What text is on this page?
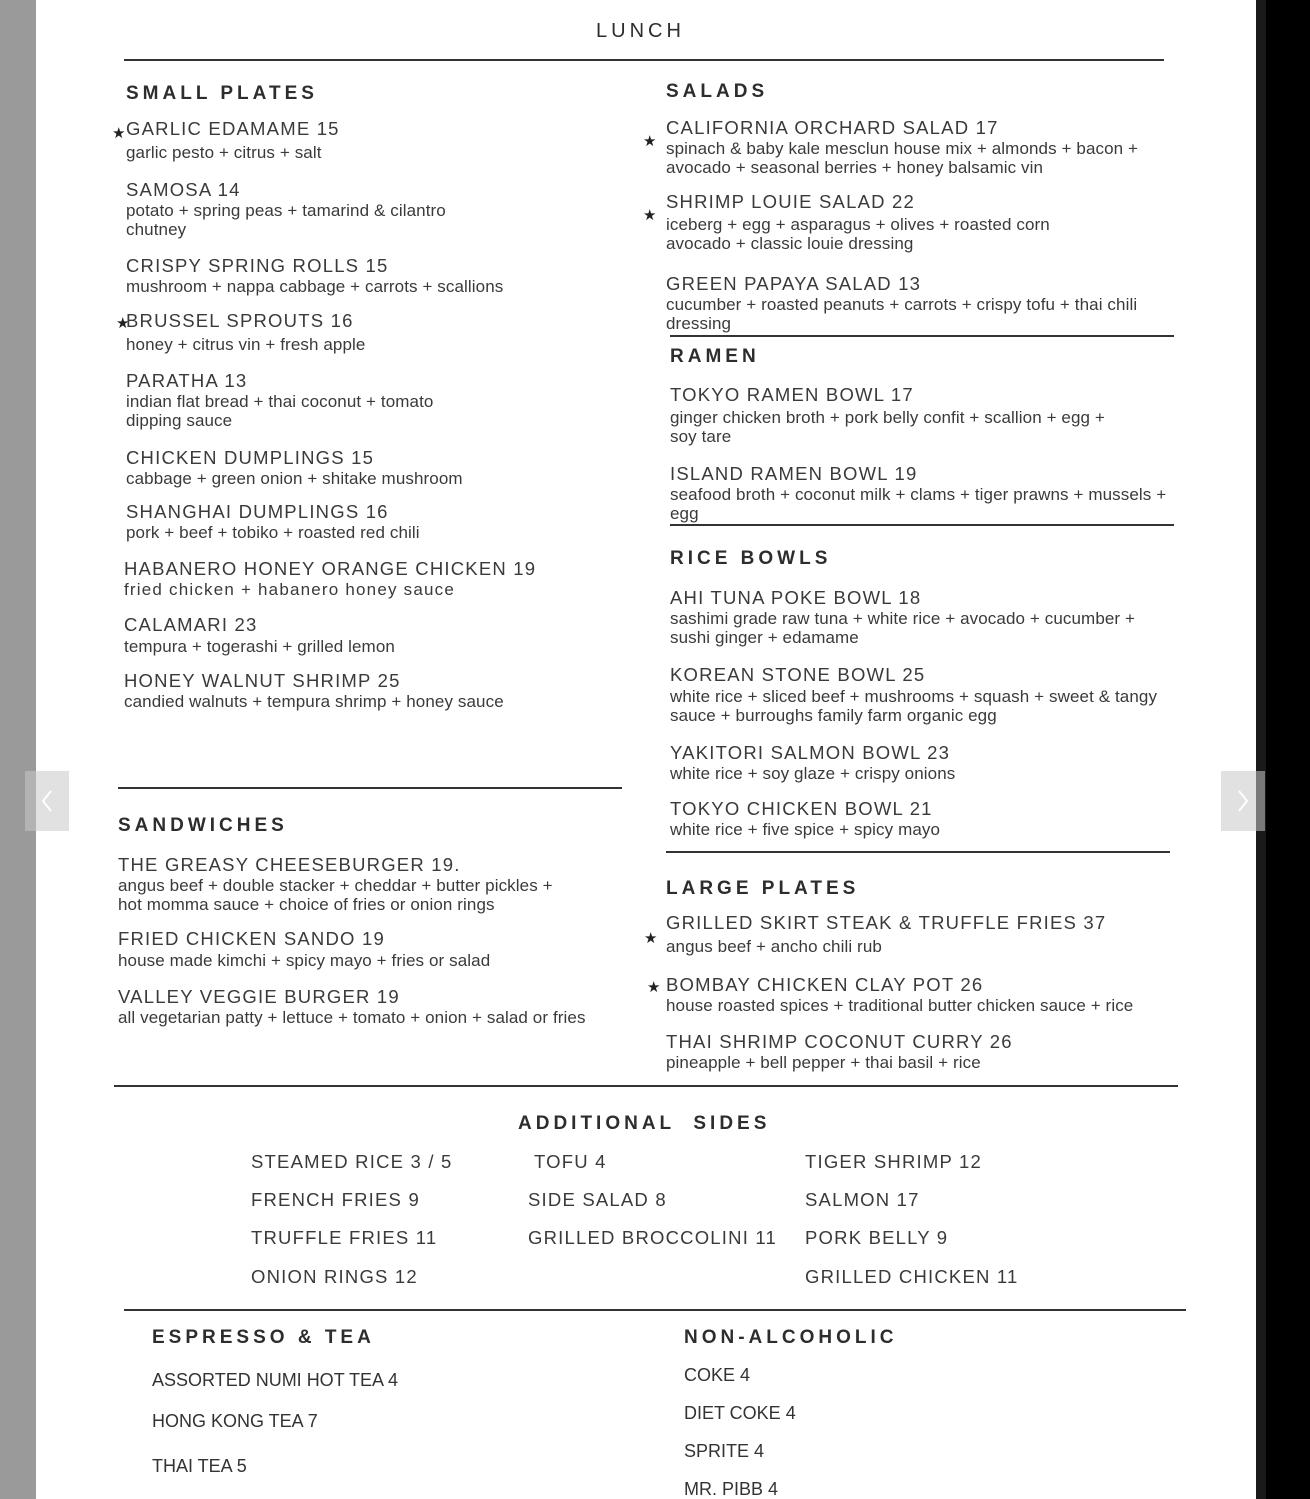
LUNCH
SMALL PLATES
★ GARLIC EDAMAME 15
garlic pesto + citrus + salt
SAMOSA 14
potato + spring peas + tamarind & cilantro chutney
CRISPY SPRING ROLLS 15
mushroom + nappa cabbage + carrots + scallions
★
BRUSSEL SPROUTS 16
honey + citrus vin + fresh apple
PARATHA 13
indian flat bread + thai coconut + tomato dipping sauce
CHICKEN DUMPLINGS 15
cabbage + green onion + shitake mushroom
SHANGHAI DUMPLINGS 16
pork + beef + tobiko + roasted red chili
HABANERO HONEY ORANGE CHICKEN 19
fried chicken + habanero honey sauce
CALAMARI 23
tempura + togerashi + grilled lemon
HONEY WALNUT SHRIMP 25
candied walnuts + tempura shrimp + honey sauce
SANDWICHES
THE GREASY CHEESEBURGER 19.
angus beef + double stacker + cheddar + butter pickles + hot momma sauce + choice of fries or onion rings
FRIED CHICKEN SANDO 19
house made kimchi + spicy mayo + fries or salad
VALLEY VEGGIE BURGER 19
all vegetarian patty + lettuce + tomato + onion + salad or fries
SALADS
★
CALIFORNIA ORCHARD SALAD 17
spinach & baby kale mesclun house mix + almonds + bacon + avocado + seasonal berries + honey balsamic vin
★
SHRIMP LOUIE SALAD 22
iceberg + egg + asparagus + olives + roasted corn avocado + classic louie dressing
GREEN PAPAYA SALAD 13
cucumber + roasted peanuts + carrots + crispy tofu + thai chili dressing
RAMEN
TOKYO RAMEN BOWL 17
ginger chicken broth + pork belly confit + scallion + egg + soy tare
ISLAND RAMEN BOWL 19
seafood broth + coconut milk + clams + tiger prawns + mussels + egg
RICE BOWLS
AHI TUNA POKE BOWL 18
sashimi grade raw tuna + white rice + avocado + cucumber + sushi ginger + edamame
KOREAN STONE BOWL 25
white rice + sliced beef + mushrooms + squash + sweet & tangy sauce + burroughs family farm organic egg
YAKITORI SALMON BOWL 23
white rice + soy glaze + crispy onions
TOKYO CHICKEN BOWL 21
white rice + five spice + spicy mayo
LARGE PLATES
★
GRILLED SKIRT STEAK & TRUFFLE FRIES 37
angus beef + ancho chili rub
★ BOMBAY CHICKEN CLAY POT 26
house roasted spices + traditional butter chicken sauce + rice
THAI SHRIMP COCONUT CURRY 26
pineapple + bell pepper + thai basil + rice
ADDITIONAL  SIDES
STEAMED RICE 3 / 5
FRENCH FRIES 9
TRUFFLE FRIES 11
ONION RINGS 12
TOFU 4
SIDE SALAD 8
GRILLED BROCCOLINI 11
TIGER SHRIMP 12
SALMON 17
PORK BELLY 9
GRILLED CHICKEN 11
ESPRESSO & TEA
ASSORTED NUMI HOT TEA 4
HONG KONG TEA 7
THAI TEA 5
NON-ALCOHOLIC
COKE 4
DIET COKE 4
SPRITE 4
MR. PIBB 4
